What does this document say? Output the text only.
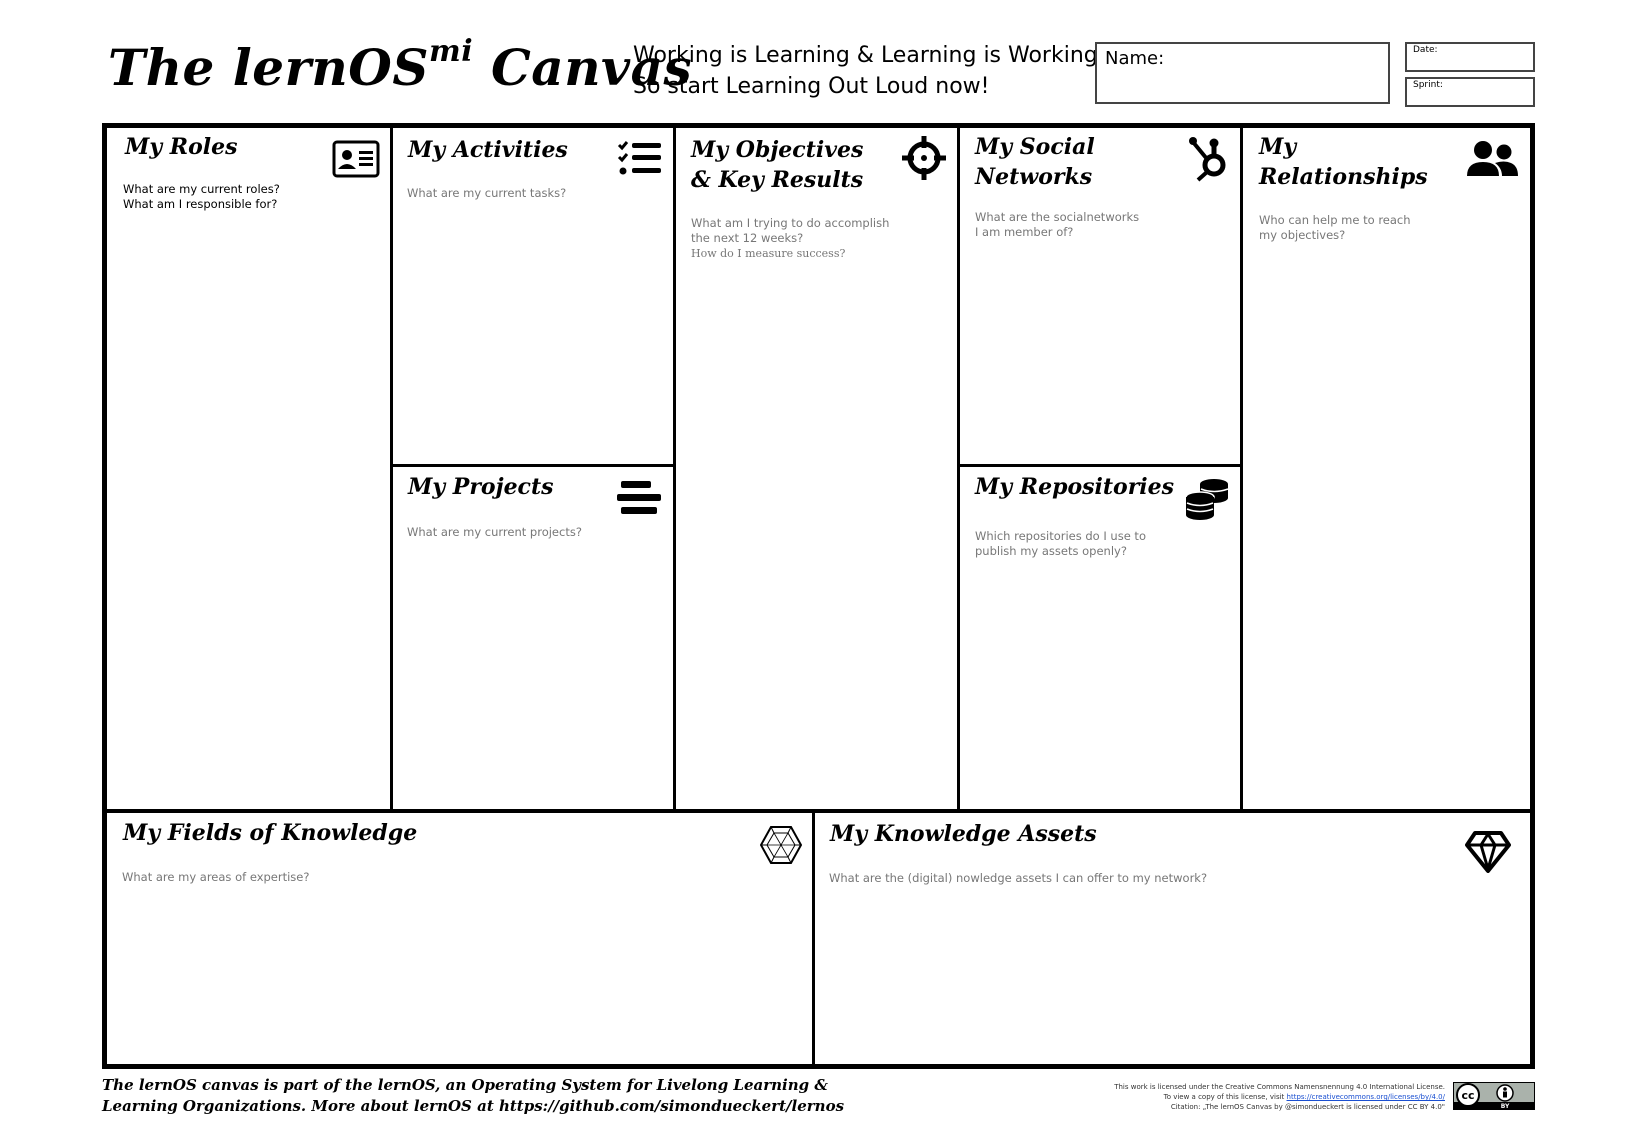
The lernOS$^{mi}$ Canvas
Working is Learning & Learning is Working
So start Learning Out Loud now!
Name:	Date:
Sprint:
My Roles
What are my current roles?
What am I responsible for?
My Activities
What are my current tasks?
My Projects
What are my current projects?
My Objectives
& Key Results
What am I trying to do accomplish
the next 12 weeks?
How do I measure success?
My Social
Networks
What are the socialnetworks
I am member of?
My Repositories
Which repositories do I use to
publish my assets openly?
My
Relationships
Who can help me to reach
my objectives?
My Fields of Knowledge
What are my areas of expertise?
My Knowledge Assets
What are the (digital) nowledge assets I can offer to my network?
The lernOS canvas is part of the lernOS, an Operating System for Livelong Learning &
Learning Organizations. More about lernOS at https://github.com/simondueckert/lernos
This work is licensed under the Creative Commons Namensnennung 4.0 International License.
To view a copy of this license, visit https://creativecommons.org/licenses/by/4.0/
Citation: „The lernOS Canvas by @simondueckert is licensed under CC BY 4.0"
cc
BY
